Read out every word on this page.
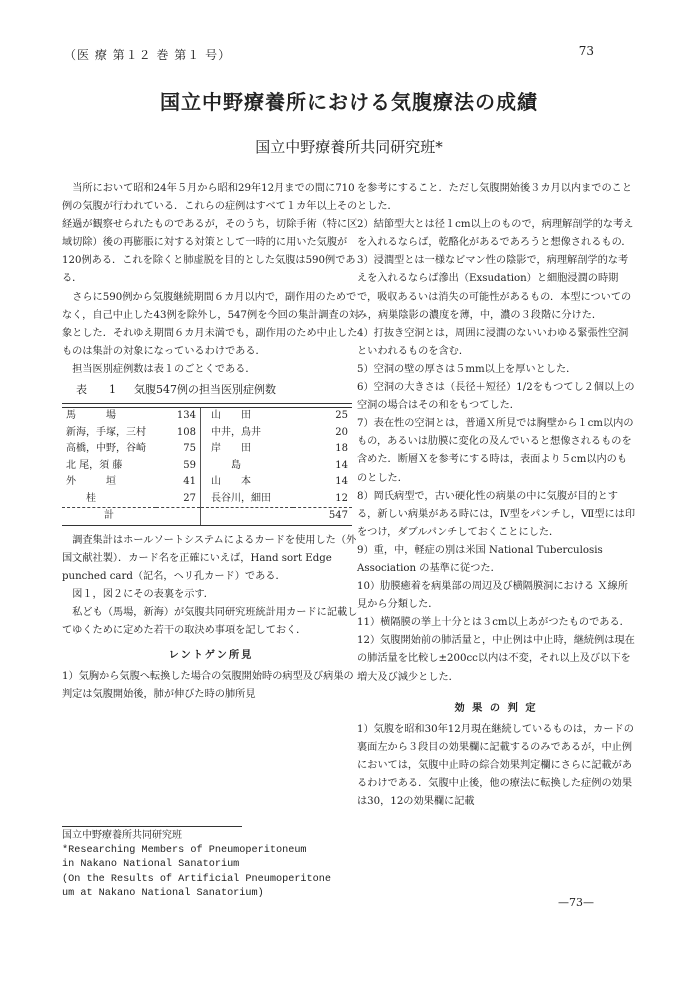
（医 療 第１２ 巻 第１ 号）	73
国立中野療養所における気腹療法の成績
国立中野療養所共同研究班*

当所において昭和24年５月から昭和29年12月までの間に710例の気腹が行われている．これらの症例はすべて１カ年以上その経過が観察せられたものであるが，そのうち，切除手術（特に区域切除）後の再膨脹に対する対策として一時的に用いた気腹が120例ある．これを除くと肺虚脱を目的とした気腹は590例である．

さらに590例から気腹継続期間６カ月以内で，副作用のためでなく，自己中止した43例を除外し，547例を今回の集計調査の対象とした．それゆえ期間６カ月未満でも，副作用のため中止したものは集計の対象になっているわけである．

担当医別症例数は表１のごとくである．

表　　1 気腹547例の担当医別症例数

馬　　　場	134	山　　田	25
新海，手塚，三村	108	中井，鳥井	20
高橋，中野，谷崎	75	岸　　田	18
北 尾，須 藤	59	　　島	14
外　　　垣	41	山　　本	14
　　桂	27	長谷川，細田	12
計			547

調査集計はホールソートシステムによるカードを使用した（外国文献社製）．カード名を正確にいえば，Hand sort Edge punched card（記名，ヘリ孔カード）である．

図１，図２にその表裏を示す．

私ども（馬場，新海）が気腹共同研究班統計用カードに記載してゆくために定めた若干の取決め事項を記しておく．

レントゲン所見

1）気胸から気腹へ転換した場合の気腹開始時の病型及び病巣の判定は気腹開始後，肺が伸びた時の肺所見

を参考にすること．ただし気腹開始後３カ月以内までのこととした．

2）結節型大とは径１cm以上のもので，病理解剖学的な考えを入れるならば，乾酪化があるであろうと想像されるもの．

3）浸潤型とは一様なビマン性の陰影で，病理解剖学的な考えを入れるならば滲出（Exsudation）と細胞浸潤の時期で，吸収あるいは消失の可能性があるもの．本型についてのみ，病巣陰影の濃度を薄，中，濃の３段階に分けた．

4）打抜き空洞とは，周囲に浸潤のないいわゆる緊張性空洞といわれるものを含む．

5）空洞の壁の厚さは５mm以上を厚いとした．

6）空洞の大きさは（長径＋短径）1/2をもつてし２個以上の空洞の場合はその和をもつてした．

7）表在性の空洞とは，普通Ｘ所見では胸壁から１cm以内のもの，あるいは肋膜に変化の及んでいると想像されるものを含めた．断層Ｘを参考にする時は，表面より５cm以内のものとした．

8）岡氏病型で，古い硬化性の病巣の中に気腹が目的とする，新しい病巣がある時には，Ⅳ型をパンチし，Ⅶ型には印をつけ，ダブルパンチしておくことにした．

9）重，中，軽症の別は米国 National Tuberculosis Association の基準に従つた．

10）肋膜癒着を病巣部の周辺及び横隔膜洞における Ｘ線所見から分類した．

11）横隔膜の挙上十分とは３cm以上あがつたものである．

12）気腹開始前の肺活量と，中止例は中止時，継続例は現在の肺活量を比較し±200cc以内は不変，それ以上及び以下を増大及び減少とした．

効 果 の 判 定

1）気腹を昭和30年12月現在継続しているものは，カードの裏面左から３段目の効果欄に記載するのみであるが，中止例においては，気腹中止時の綜合効果判定欄にさらに記載があるわけである．気腹中止後，他の療法に転換した症例の効果は30，12の効果欄に記載

国立中野療養所共同研究班
*Researching Members of Pneumoperitoneum
in Nakano National Sanatorium
(On the Results of Artificial Pneumoperitone
um at Nakano National Sanatorium)
—73—
